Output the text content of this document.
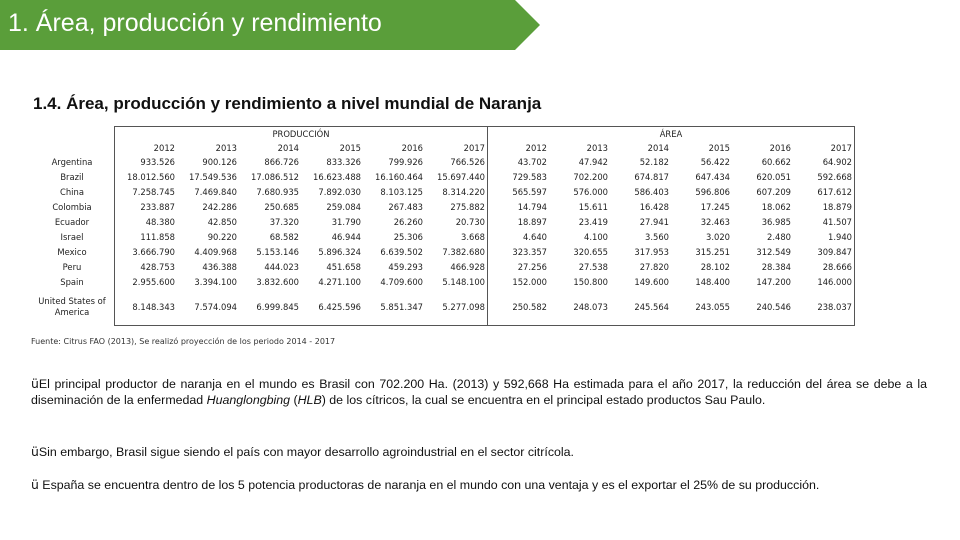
1. Área, producción y rendimiento
1.4. Área, producción y rendimiento a nivel mundial de Naranja
	PRODUCCIÓN						ÁREA					
	2012	2013	2014	2015	2016	2017	2012	2013	2014	2015	2016	2017
Argentina	933.526	900.126	866.726	833.326	799.926	766.526	43.702	47.942	52.182	56.422	60.662	64.902
Brazil	18.012.560	17.549.536	17.086.512	16.623.488	16.160.464	15.697.440	729.583	702.200	674.817	647.434	620.051	592.668
China	7.258.745	7.469.840	7.680.935	7.892.030	8.103.125	8.314.220	565.597	576.000	586.403	596.806	607.209	617.612
Colombia	233.887	242.286	250.685	259.084	267.483	275.882	14.794	15.611	16.428	17.245	18.062	18.879
Ecuador	48.380	42.850	37.320	31.790	26.260	20.730	18.897	23.419	27.941	32.463	36.985	41.507
Israel	111.858	90.220	68.582	46.944	25.306	3.668	4.640	4.100	3.560	3.020	2.480	1.940
Mexico	3.666.790	4.409.968	5.153.146	5.896.324	6.639.502	7.382.680	323.357	320.655	317.953	315.251	312.549	309.847
Peru	428.753	436.388	444.023	451.658	459.293	466.928	27.256	27.538	27.820	28.102	28.384	28.666
Spain	2.955.600	3.394.100	3.832.600	4.271.100	4.709.600	5.148.100	152.000	150.800	149.600	148.400	147.200	146.000
United States of America	8.148.343	7.574.094	6.999.845	6.425.596	5.851.347	5.277.098	250.582	248.073	245.564	243.055	240.546	238.037
Fuente: Citrus FAO (2013), Se realizó proyección de los periodo 2014 - 2017
üEl principal productor de naranja en el mundo es Brasil con 702.200 Ha. (2013) y 592,668 Ha estimada para el año 2017, la reducción del área se debe a la diseminación de la enfermedad Huanglongbing (HLB) de los cítricos, la cual se encuentra en el principal estado productos Sau Paulo.
üSin embargo, Brasil sigue siendo el país con mayor desarrollo agroindustrial en el sector citrícola.
ü España se encuentra dentro de los 5 potencia productoras de naranja en el mundo con una ventaja y es el exportar el 25% de su producción.
